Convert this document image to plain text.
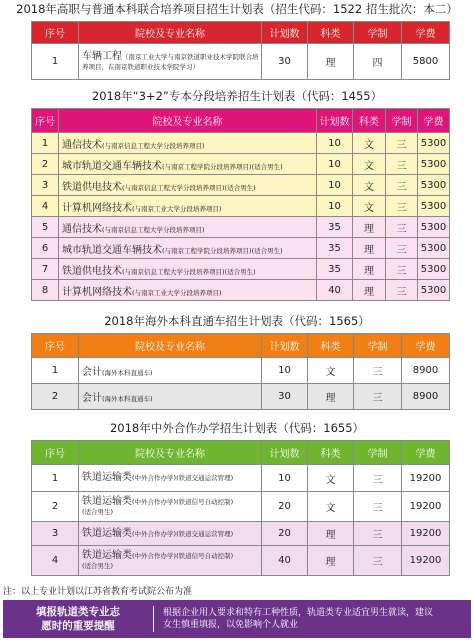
2018年高职与普通本科联合培养项目招生计划表（招生代码：1522 招生批次：本二）
序号	院校及专业名称	计划数	科类	学制	学费
1	车辆工程（南京工业大学与南京铁道职业技术学院联合培养项目，在南京铁道职业技术学院学习）	30	理	四	5800
2018年“3+2”专本分段培养招生计划表（代码：1455）
序号	院校及专业名称	计划数	科类	学制	学费
1	通信技术(与南京信息工程大学分段培养项目)	10	文	三	5300
2	城市轨道交通车辆技术(与南京工程学院分段培养项目)(适合男生)	10	文	三	5300
3	铁道供电技术(与南京信息工程大学分段培养项目)(适合男生)	10	文	三	5300
4	计算机网络技术(与南京工业大学分段培养项目)	10	文	三	5300
5	通信技术(与南京信息工程大学分段培养项目)	35	理	三	5300
6	城市轨道交通车辆技术(与南京工程学院分段培养项目)(适合男生)	35	理	三	5300
7	铁道供电技术(与南京信息工程大学分段培养项目)(适合男生)	35	理	三	5300
8	计算机网络技术(与南京工业大学分段培养项目)	40	理	三	5300
2018年海外本科直通车招生计划表（代码：1565）
序号	院校及专业名称	计划数	科类	学制	学费
1	会计(海外本科直通车)	10	文	三	8900
2	会计(海外本科直通车)	30	理	三	8900
2018年中外合作办学招生计划表（代码：1655）
序号	院校及专业名称	计划数	科类	学制	学费
1	铁道运输类(中外合作办学)(铁道交通运营管理)	10	文	三	19200
2	铁道运输类(中外合作办学)(铁道信号自动控制)
(适合男生)	20	文	三	19200
3	铁道运输类(中外合作办学)(铁道交通运营管理)	20	理	三	19200
4	铁道运输类(中外合作办学)(铁道信号自动控制)
(适合男生)	40	理	三	19200
注：以上专业计划以江苏省教育考试院公布为准
填报轨道类专业志
愿时的重要提醒
根据企业用人要求和特有工种性质，轨道类专业适宜男生就读，建议
女生慎重填报，以免影响个人就业
